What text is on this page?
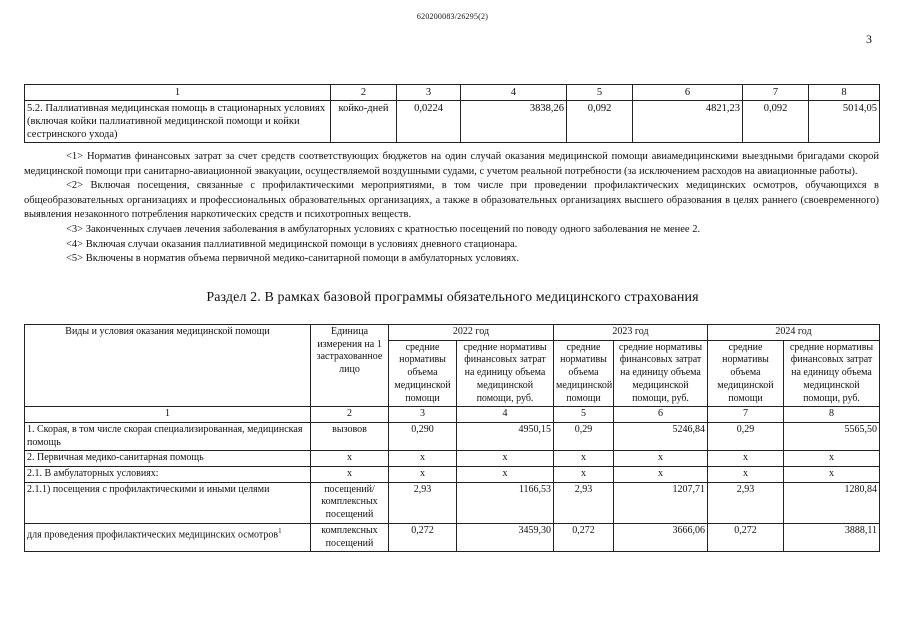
620200083/26295(2)
3
1	2	3	4	5	6	7	8
5.2. Паллиативная медицинская помощь в стационарных условиях (включая койки паллиативной медицинской помощи и койки сестринского ухода)	койко-дней	0,0224	3838,26	0,092	4821,23	0,092	5014,05

<1> Норматив финансовых затрат за счет средств соответствующих бюджетов на один случай оказания медицинской помощи авиамедицинскими выездными бригадами скорой медицинской помощи при санитарно-авиационной эвакуации, осуществляемой воздушными судами, с учетом реальной потребности (за исключением расходов на авиационные работы).

<2> Включая посещения, связанные с профилактическими мероприятиями, в том числе при проведении профилактических медицинских осмотров, обучающихся в общеобразовательных организациях и профессиональных образовательных организациях, а также в образовательных организациях высшего образования в целях раннего (своевременного) выявления незаконного потребления наркотических средств и психотропных веществ.

<3> Законченных случаев лечения заболевания в амбулаторных условиях с кратностью посещений по поводу одного заболевания не менее 2.

<4> Включая случаи оказания паллиативной медицинской помощи в условиях дневного стационара.

<5> Включены в норматив объема первичной медико-санитарной помощи в амбулаторных условиях.

Раздел 2. В рамках базовой программы обязательного медицинского страхования
Виды и условия оказания медицинской помощи	Единица измерения на 1 застрахованное лицо	2022 год		2023 год		2024 год	
		средние нормативы объема медицинской помощи	средние нормативы финансовых затрат на единицу объема медицинской помощи, руб.	средние нормативы объема медицинской помощи	средние нормативы финансовых затрат на единицу объема медицинской помощи, руб.	средние нормативы объема медицинской помощи	средние нормативы финансовых затрат на единицу объема медицинской помощи, руб.
1	2	3	4	5	6	7	8
1. Скорая, в том числе скорая специализированная, медицинская помощь	вызовов	0,290	4950,15	0,29	5246,84	0,29	5565,50
2. Первичная медико-санитарная помощь	х	х	х	х	х	х	х
2.1. В амбулаторных условиях:	х	х	х	х	х	х	х
2.1.1) посещения с профилактическими и иными целями	посещений/ комплексных посещений	2,93	1166,53	2,93	1207,71	2,93	1280,84
для проведения профилактических медицинских осмотров$^1$	комплексных посещений	0,272	3459,30	0,272	3666,06	0,272	3888,11
